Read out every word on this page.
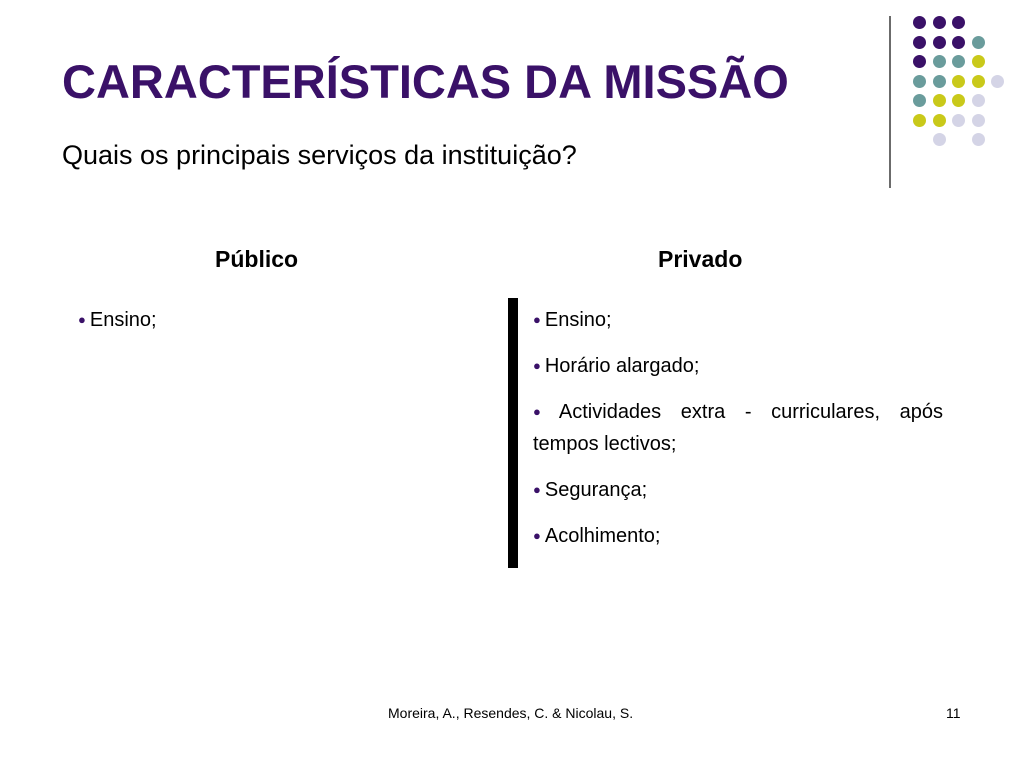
CARACTERÍSTICAS DA MISSÃO
Quais os principais serviços da instituição?
Público	Privado
● Ensino;	● Ensino;
● Horário alargado;
● Actividades extra - curriculares, após tempos lectivos;
● Segurança;
● Acolhimento;
Moreira, A., Resendes, C. & Nicolau, S.	11
